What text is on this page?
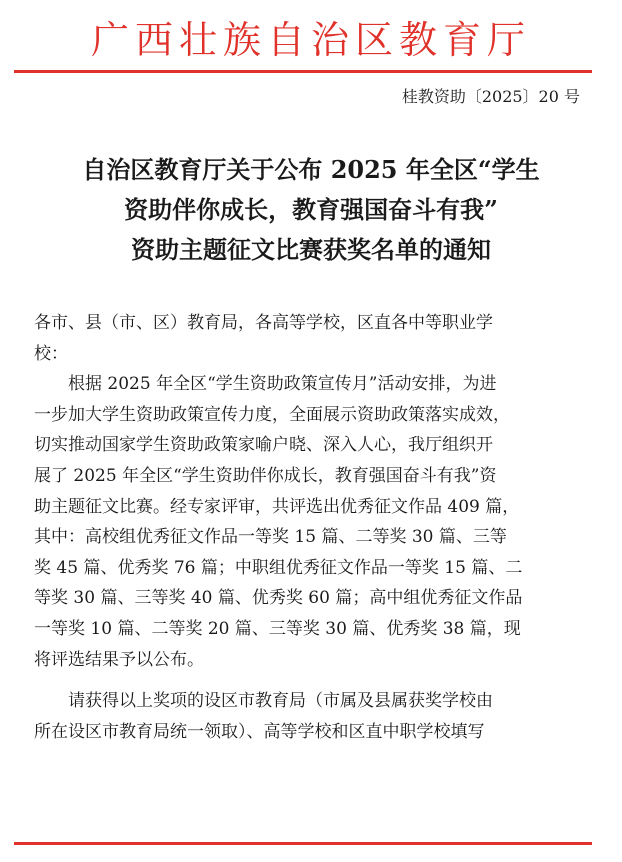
广西壮族自治区教育厅
桂教资助〔2025〕20 号
自治区教育厅关于公布 2025 年全区“学生
资助伴你成长，教育强国奋斗有我”
资助主题征文比赛获奖名单的通知
各市、县（市、区）教育局，各高等学校，区直各中等职业学
校：
根据 2025 年全区“学生资助政策宣传月”活动安排，为进
一步加大学生资助政策宣传力度，全面展示资助政策落实成效，
切实推动国家学生资助政策家喻户晓、深入人心，我厅组织开
展了 2025 年全区“学生资助伴你成长，教育强国奋斗有我”资
助主题征文比赛。经专家评审，共评选出优秀征文作品 409 篇，
其中：高校组优秀征文作品一等奖 15 篇、二等奖 30 篇、三等
奖 45 篇、优秀奖 76 篇；中职组优秀征文作品一等奖 15 篇、二
等奖 30 篇、三等奖 40 篇、优秀奖 60 篇；高中组优秀征文作品
一等奖 10 篇、二等奖 20 篇、三等奖 30 篇、优秀奖 38 篇，现
将评选结果予以公布。
请获得以上奖项的设区市教育局（市属及县属获奖学校由
所在设区市教育局统一领取）、高等学校和区直中职学校填写
